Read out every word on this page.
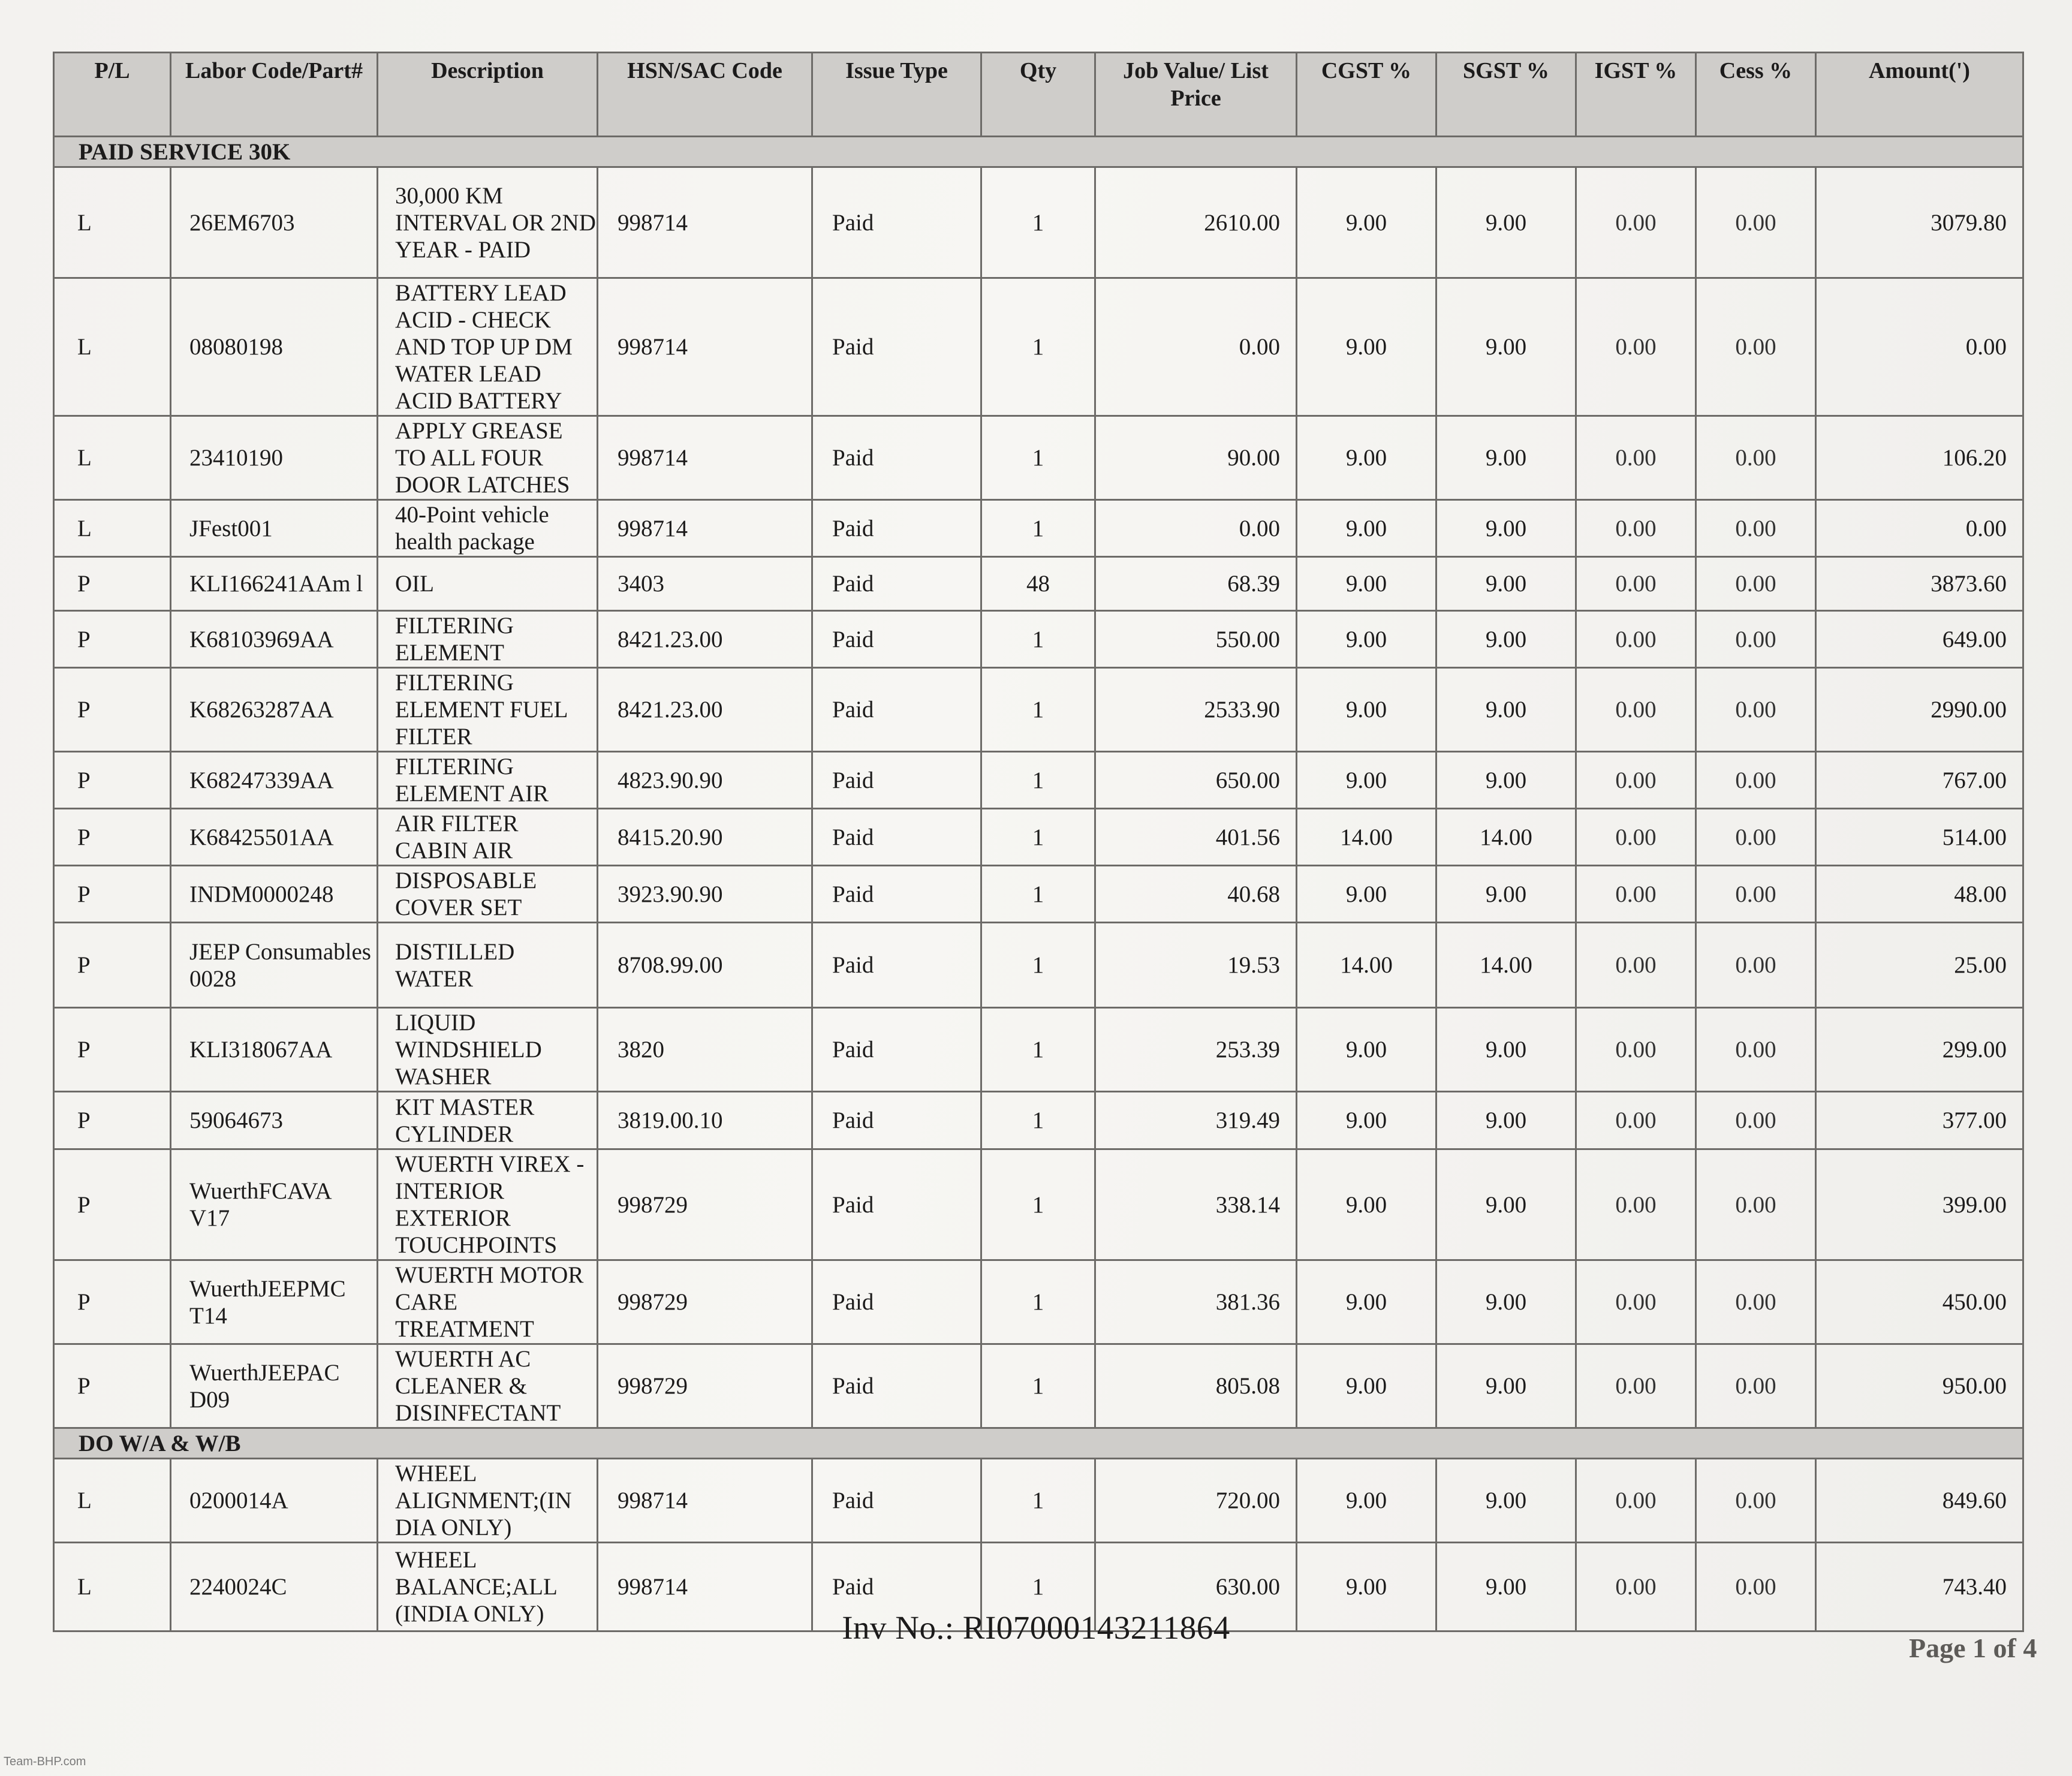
P/L	Labor Code/Part#	Description	HSN/SAC Code	Issue Type	Qty	Job Value/ List Price	CGST %	SGST %	IGST %	Cess %	Amount(')
PAID SERVICE 30K											
L	26EM6703	30,000 KM INTERVAL OR 2ND YEAR - PAID	998714	Paid	1	2610.00	9.00	9.00	0.00	0.00	3079.80
L	08080198	BATTERY LEAD ACID - CHECK AND TOP UP DM WATER LEAD ACID BATTERY	998714	Paid	1	0.00	9.00	9.00	0.00	0.00	0.00
L	23410190	APPLY GREASE TO ALL FOUR DOOR LATCHES	998714	Paid	1	90.00	9.00	9.00	0.00	0.00	106.20
L	JFest001	40-Point vehicle health package	998714	Paid	1	0.00	9.00	9.00	0.00	0.00	0.00
P	KLI166241AAm l	OIL	3403	Paid	48	68.39	9.00	9.00	0.00	0.00	3873.60
P	K68103969AA	FILTERING ELEMENT	8421.23.00	Paid	1	550.00	9.00	9.00	0.00	0.00	649.00
P	K68263287AA	FILTERING ELEMENT FUEL FILTER	8421.23.00	Paid	1	2533.90	9.00	9.00	0.00	0.00	2990.00
P	K68247339AA	FILTERING ELEMENT AIR	4823.90.90	Paid	1	650.00	9.00	9.00	0.00	0.00	767.00
P	K68425501AA	AIR FILTER CABIN AIR	8415.20.90	Paid	1	401.56	14.00	14.00	0.00	0.00	514.00
P	INDM0000248	DISPOSABLE COVER SET	3923.90.90	Paid	1	40.68	9.00	9.00	0.00	0.00	48.00
P	JEEP Consumables 0028	DISTILLED WATER	8708.99.00	Paid	1	19.53	14.00	14.00	0.00	0.00	25.00
P	KLI318067AA	LIQUID WINDSHIELD WASHER	3820	Paid	1	253.39	9.00	9.00	0.00	0.00	299.00
P	59064673	KIT MASTER CYLINDER	3819.00.10	Paid	1	319.49	9.00	9.00	0.00	0.00	377.00
P	WuerthFCAVA V17	WUERTH VIREX - INTERIOR EXTERIOR TOUCHPOINTS	998729	Paid	1	338.14	9.00	9.00	0.00	0.00	399.00
P	WuerthJEEPMC T14	WUERTH MOTOR CARE TREATMENT	998729	Paid	1	381.36	9.00	9.00	0.00	0.00	450.00
P	WuerthJEEPAC D09	WUERTH AC CLEANER & DISINFECTANT	998729	Paid	1	805.08	9.00	9.00	0.00	0.00	950.00
DO W/A & W/B											
L	0200014A	WHEEL ALIGNMENT;(IN DIA ONLY)	998714	Paid	1	720.00	9.00	9.00	0.00	0.00	849.60
L	2240024C	WHEEL BALANCE;ALL (INDIA ONLY)	998714	Paid	1	630.00	9.00	9.00	0.00	0.00	743.40
Inv No.: RI07000143211864
Page 1 of 4
Team-BHP.com
